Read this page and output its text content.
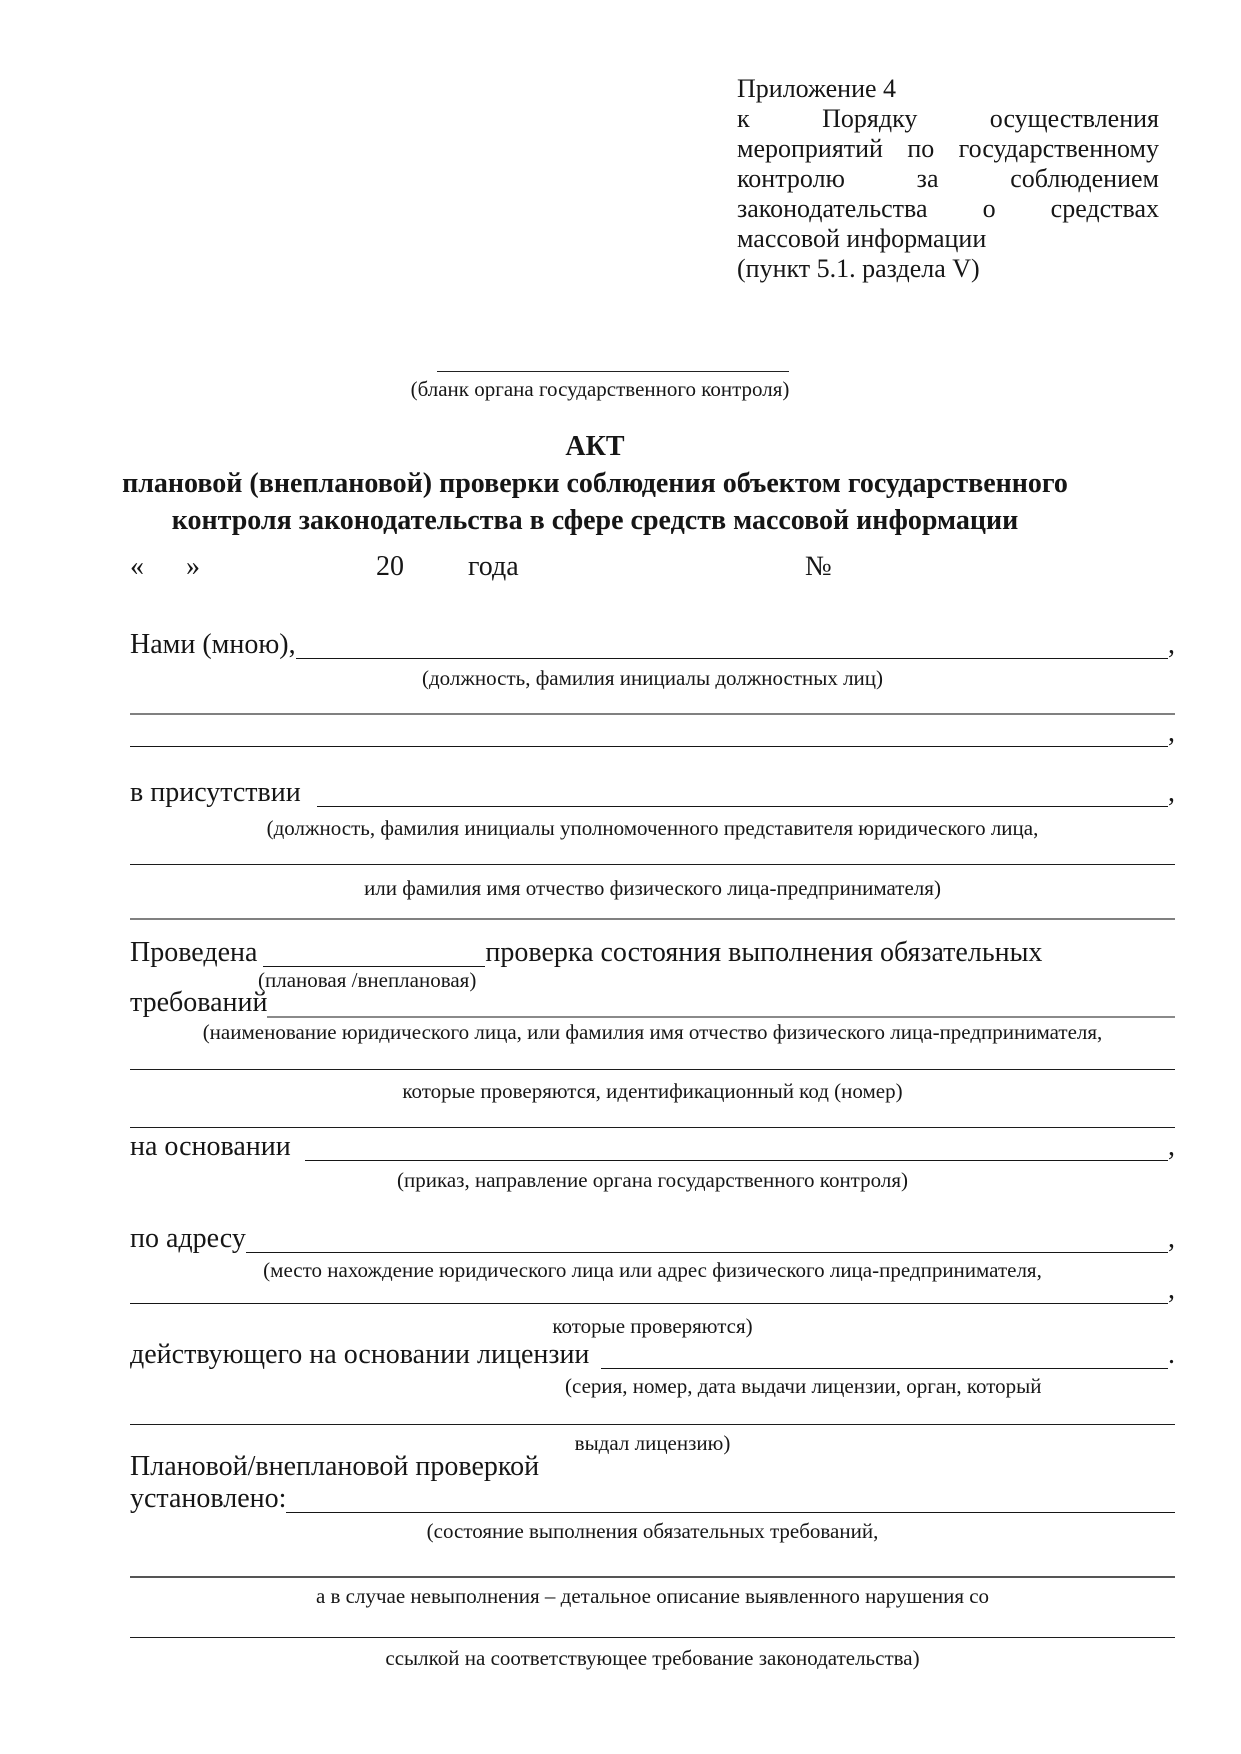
Приложение 4
к Порядку осуществления
мероприятий по государственному
контролю за соблюдением
законодательства о средствах
массовой информации
(пункт 5.1. раздела V)
(бланк органа государственного контроля)
АКТ
плановой (внеплановой) проверки соблюдения объектом государственного
контроля законодательства в сфере средств массовой информации
« »	20 года	№
Нами (мною),	,
(должность, фамилия инициалы должностных лиц)
,
в присутствии	,
(должность, фамилия инициалы уполномоченного представителя юридического лица,
или фамилия имя отчество физического лица-предпринимателя)
Проведена	проверка состояния выполнения обязательных
(плановая /внеплановая)
требований
(наименование юридического лица, или фамилия имя отчество физического лица-предпринимателя,
которые проверяются, идентификационный код (номер)
на основании	,
(приказ, направление органа государственного контроля)
по адресу	,
(место нахождение юридического лица или адрес физического лица-предпринимателя,
,
которые проверяются)
действующего на основании лицензии	.
(серия, номер, дата выдачи лицензии, орган, который
выдал лицензию)
Плановой/внеплановой проверкой
установлено:
(состояние выполнения обязательных требований,
а в случае невыполнения – детальное описание выявленного нарушения со
ссылкой на соответствующее требование законодательства)
